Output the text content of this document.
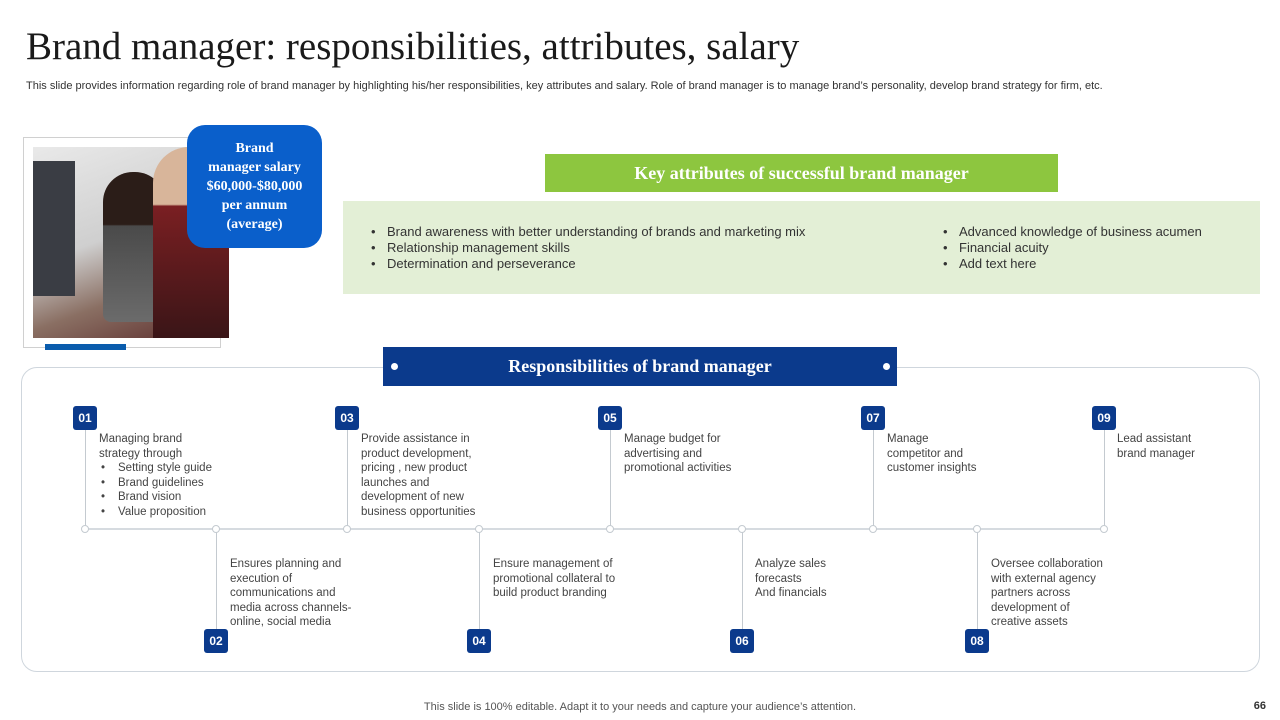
Brand manager: responsibilities, attributes, salary
This slide provides information regarding role of brand manager by highlighting his/her responsibilities, key attributes and salary. Role of brand manager is to manage brand’s personality, develop brand strategy for firm, etc.
Brand
manager salary
$60,000-$80,000
per annum
(average)
Key attributes of successful brand manager
• Brand awareness with better understanding of brands and marketing mix
• Relationship management skills
• Determination and perseverance
• Advanced knowledge of business acumen
• Financial acuity
• Add text here
Responsibilities of brand manager
01
02
03
04
05
06
07
08
09
Managing brand
strategy through
• Setting style guide
• Brand guidelines
• Brand vision
• Value proposition
Ensures planning and
execution of
communications and
media across channels-
online, social media
Provide assistance in
product development,
pricing , new product
launches and
development of new
business opportunities
Ensure management of
promotional collateral to
build product branding
Manage budget for
advertising and
promotional activities
Analyze sales
forecasts
And financials
Manage
competitor and
customer insights
Oversee collaboration
with external agency
partners across
development of
creative assets
Lead assistant
brand manager
This slide is 100% editable. Adapt it to your needs and capture your audience’s attention.	66
